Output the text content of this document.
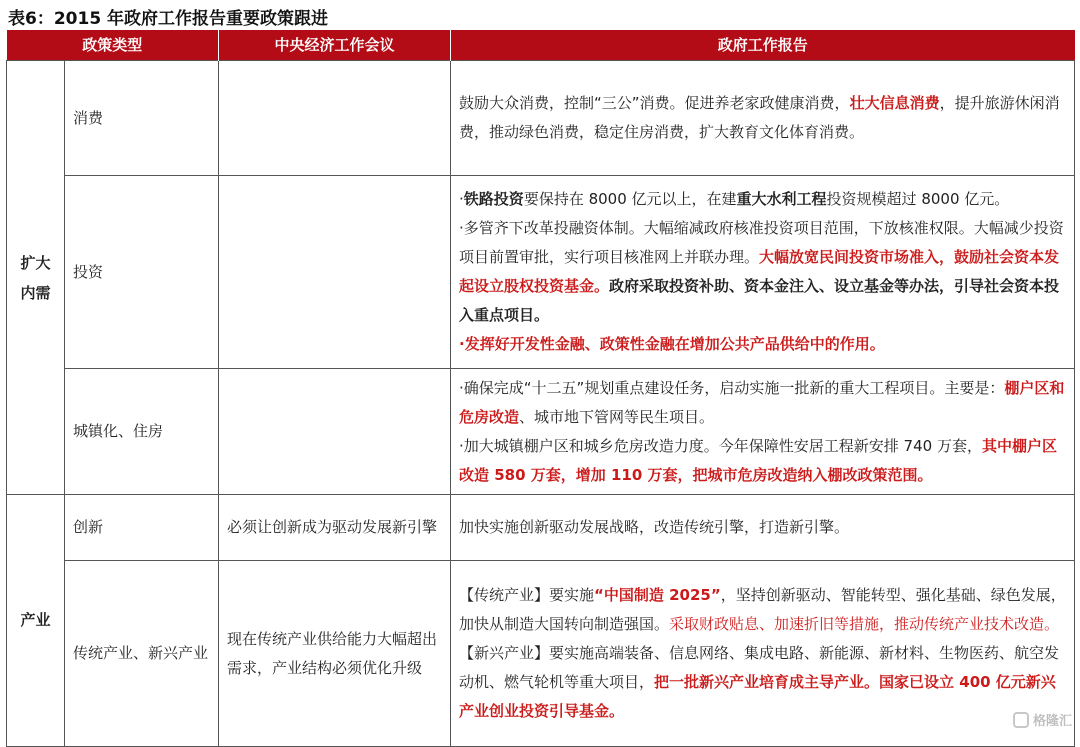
表6：2015 年政府工作报告重要政策跟进
政策类型		中央经济工作会议	政府工作报告

扩大内需	消费		鼓励大众消费，控制“三公”消费。促进养老家政健康消费，壮大信息消费，提升旅游休闲消费，推动绿色消费，稳定住房消费，扩大教育文化体育消费。
	投资		·铁路投资要保持在 8000 亿元以上，在建重大水利工程投资规模超过 8000 亿元。
·多管齐下改革投融资体制。大幅缩减政府核准投资项目范围，下放核准权限。大幅减少投资项目前置审批，实行项目核准网上并联办理。大幅放宽民间投资市场准入，鼓励社会资本发起设立股权投资基金。政府采取投资补助、资本金注入、设立基金等办法，引导社会资本投入重点项目。
·发挥好开发性金融、政策性金融在增加公共产品供给中的作用。

	城镇化、住房		·确保完成“十二五”规划重点建设任务，启动实施一批新的重大工程项目。主要是：棚户区和危房改造、城市地下管网等民生项目。
·加大城镇棚户区和城乡危房改造力度。今年保障性安居工程新安排 740 万套，其中棚户区改造 580 万套，增加 110 万套，把城市危房改造纳入棚改政策范围。

产业	创新	必须让创新成为驱动发展新引擎	加快实施创新驱动发展战略，改造传统引擎，打造新引擎。
	传统产业、新兴产业	现在传统产业供给能力大幅超出需求，产业结构必须优化升级	【传统产业】要实施“中国制造 2025”，坚持创新驱动、智能转型、强化基础、绿色发展，加快从制造大国转向制造强国。采取财政贴息、加速折旧等措施，推动传统产业技术改造。
【新兴产业】要实施高端装备、信息网络、集成电路、新能源、新材料、生物医药、航空发动机、燃气轮机等重大项目，把一批新兴产业培育成主导产业。国家已设立 400 亿元新兴产业创业投资引导基金。
格隆汇
